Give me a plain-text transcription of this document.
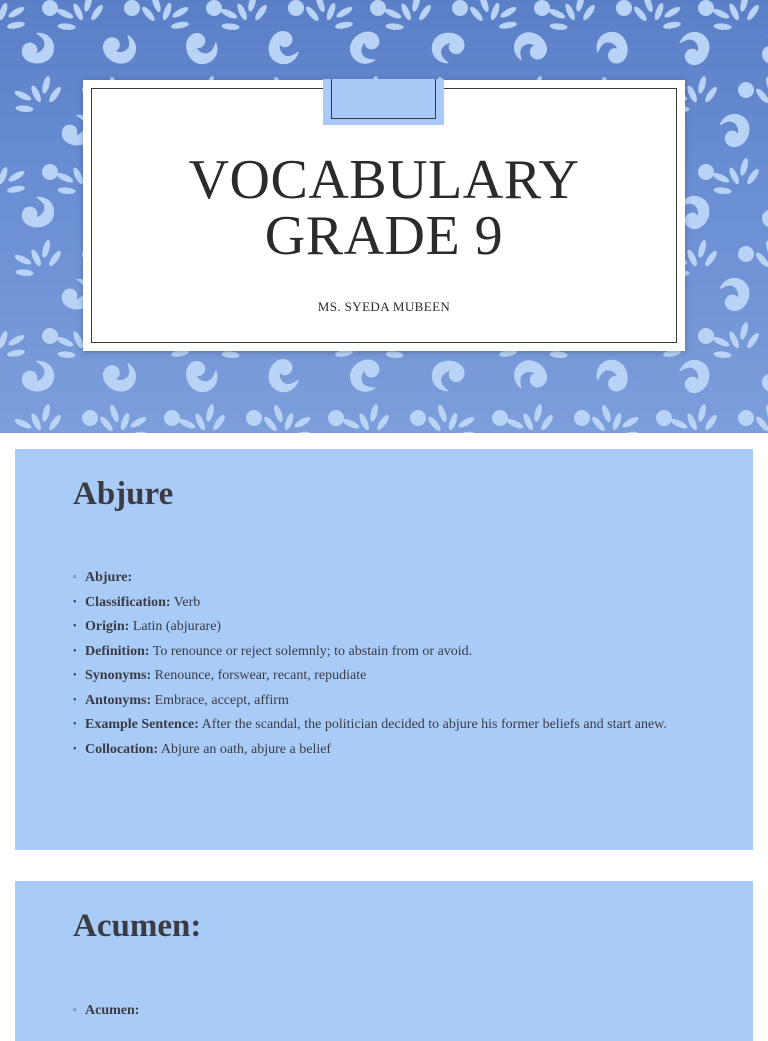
VOCABULARY
GRADE 9
MS. SYEDA MUBEEN
Abjure
▫ Abjure:
• Classification: Verb
• Origin: Latin (abjurare)
• Definition: To renounce or reject solemnly; to abstain from or avoid.
• Synonyms: Renounce, forswear, recant, repudiate
• Antonyms: Embrace, accept, affirm
• Example Sentence: After the scandal, the politician decided to abjure his former beliefs and start anew.
• Collocation: Abjure an oath, abjure a belief
Acumen:
▫ Acumen:
